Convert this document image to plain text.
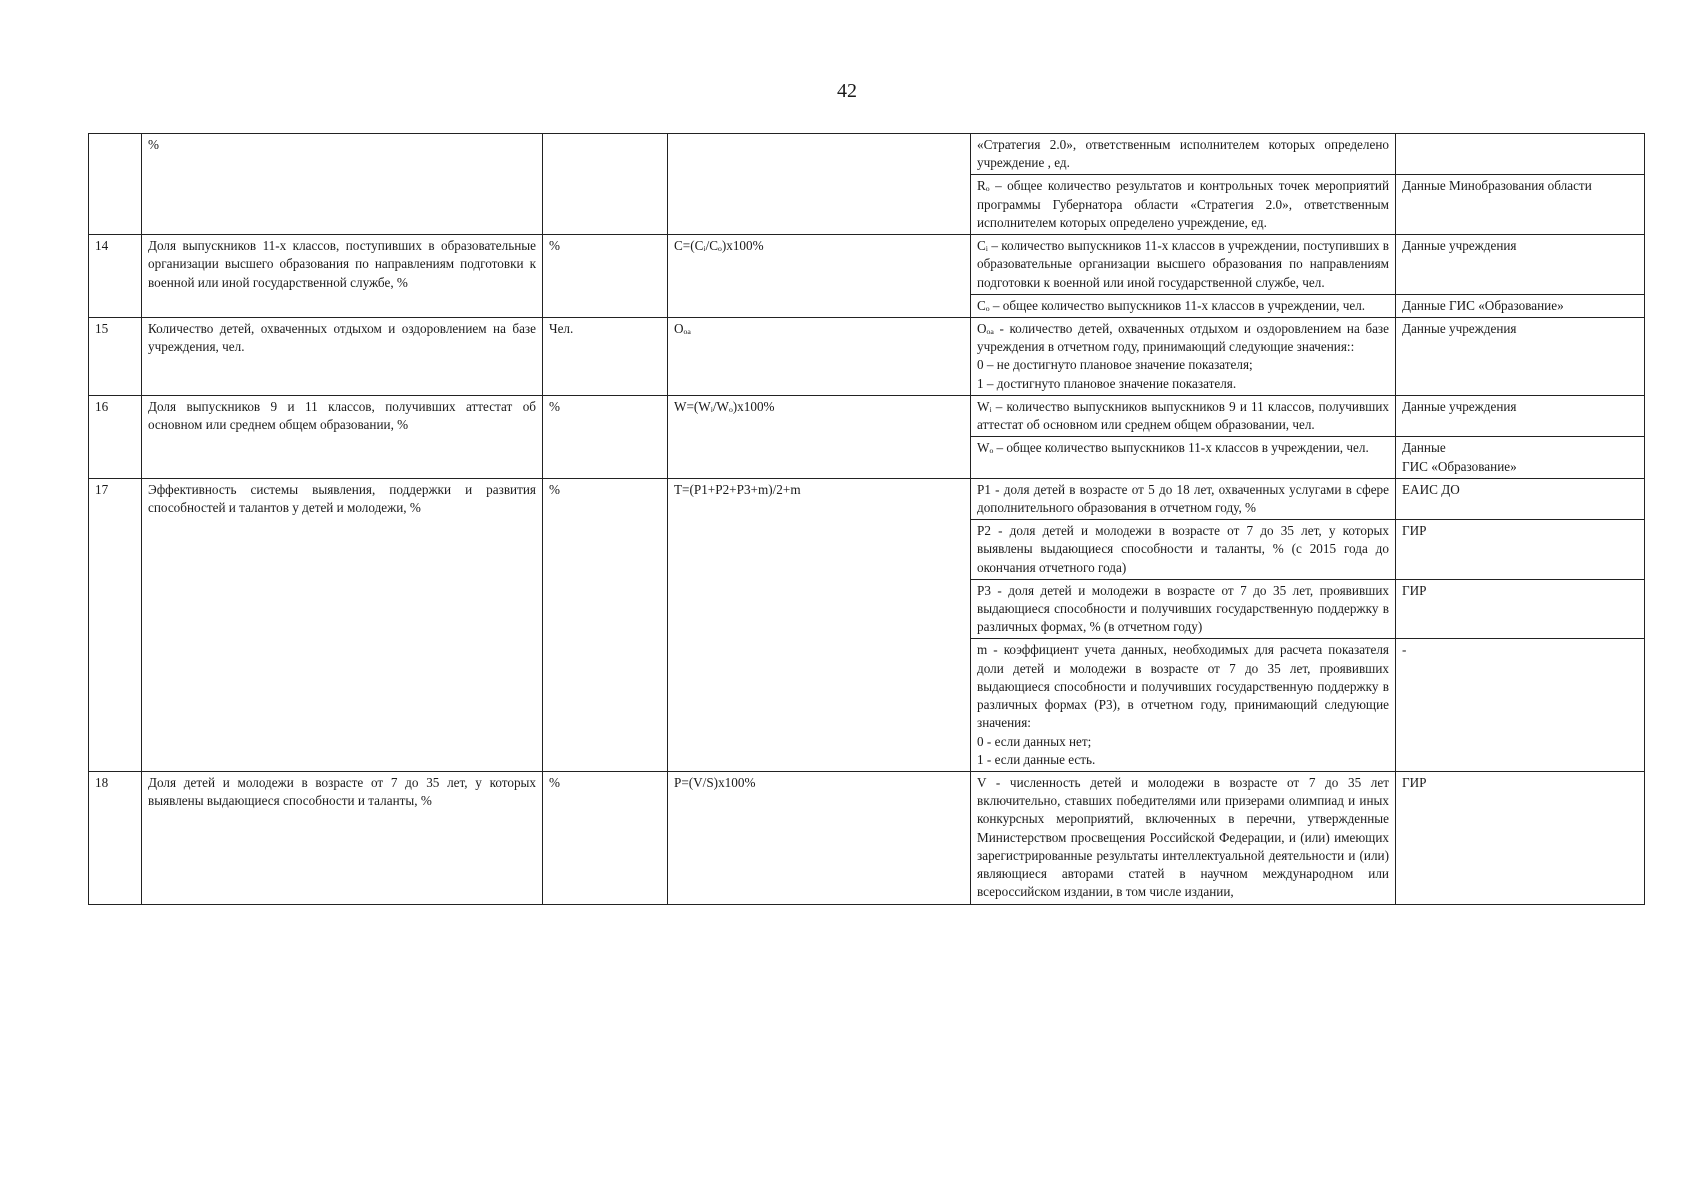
42
	%			«Стратегия 2.0», ответственным исполнителем которых определено учреждение , ед.	
				Rₒ – общее количество результатов и контрольных точек мероприятий программы Губернатора области «Стратегия 2.0», ответственным исполнителем которых определено учреждение, ед.	Данные Минобразования области
14	Доля выпускников 11-х классов, поступивших в образовательные организации высшего образования по направлениям подготовки к военной или иной государственной службе, %	%	C=(Cᵢ/Cₒ)х100%	Cᵢ – количество выпускников 11-х классов в учреждении, поступивших в образовательные организации высшего образования по направлениям подготовки к военной или иной государственной службе, чел.	Данные учреждения
				Cₒ – общее количество выпускников 11-х классов в учреждении, чел.	Данные ГИС «Образование»
15	Количество детей, охваченных отдыхом и оздоровлением на базе учреждения, чел.	Чел.	Oₒₐ	Oₒₐ - количество детей, охваченных отдыхом и оздоровлением на базе учреждения в отчетном году, принимающий следующие значения::
0 – не достигнуто плановое значение показателя;
1 – достигнуто плановое значение показателя.	Данные учреждения
16	Доля выпускников 9 и 11 классов, получивших аттестат об основном или среднем общем образовании, %	%	W=(Wᵢ/Wₒ)х100%	Wᵢ – количество выпускников выпускников 9 и 11 классов, получивших аттестат об основном или среднем общем образовании, чел.	Данные учреждения
				Wₒ – общее количество выпускников 11-х классов в учреждении, чел.	Данные
ГИС «Образование»
17	Эффективность системы выявления, поддержки и развития способностей и талантов у детей и молодежи, %	%	T=(P1+P2+P3+m)/2+m	P1 - доля детей в возрасте от 5 до 18 лет, охваченных услугами в сфере дополнительного образования в отчетном году, %	ЕАИС ДО
				P2 - доля детей и молодежи в возрасте от 7 до 35 лет, у которых выявлены выдающиеся способности и таланты, % (с 2015 года до окончания отчетного года)	ГИР
				P3 - доля детей и молодежи в возрасте от 7 до 35 лет, проявивших выдающиеся способности и получивших государственную поддержку в различных формах, % (в отчетном году)	ГИР
				m - коэффициент учета данных, необходимых для расчета показателя доли детей и молодежи в возрасте от 7 до 35 лет, проявивших выдающиеся способности и получивших государственную поддержку в различных формах (P3), в отчетном году, принимающий следующие значения:
0 - если данных нет;
1 - если данные есть.	-
18	Доля детей и молодежи в возрасте от 7 до 35 лет, у которых выявлены выдающиеся способности и таланты, %	%	P=(V/S)х100%	V - численность детей и молодежи в возрасте от 7 до 35 лет включительно, ставших победителями или призерами олимпиад и иных конкурсных мероприятий, включенных в перечни, утвержденные Министерством просвещения Российской Федерации, и (или) имеющих зарегистрированные результаты интеллектуальной деятельности и (или) являющиеся авторами статей в научном международном или всероссийском издании, в том числе издании,	ГИР
